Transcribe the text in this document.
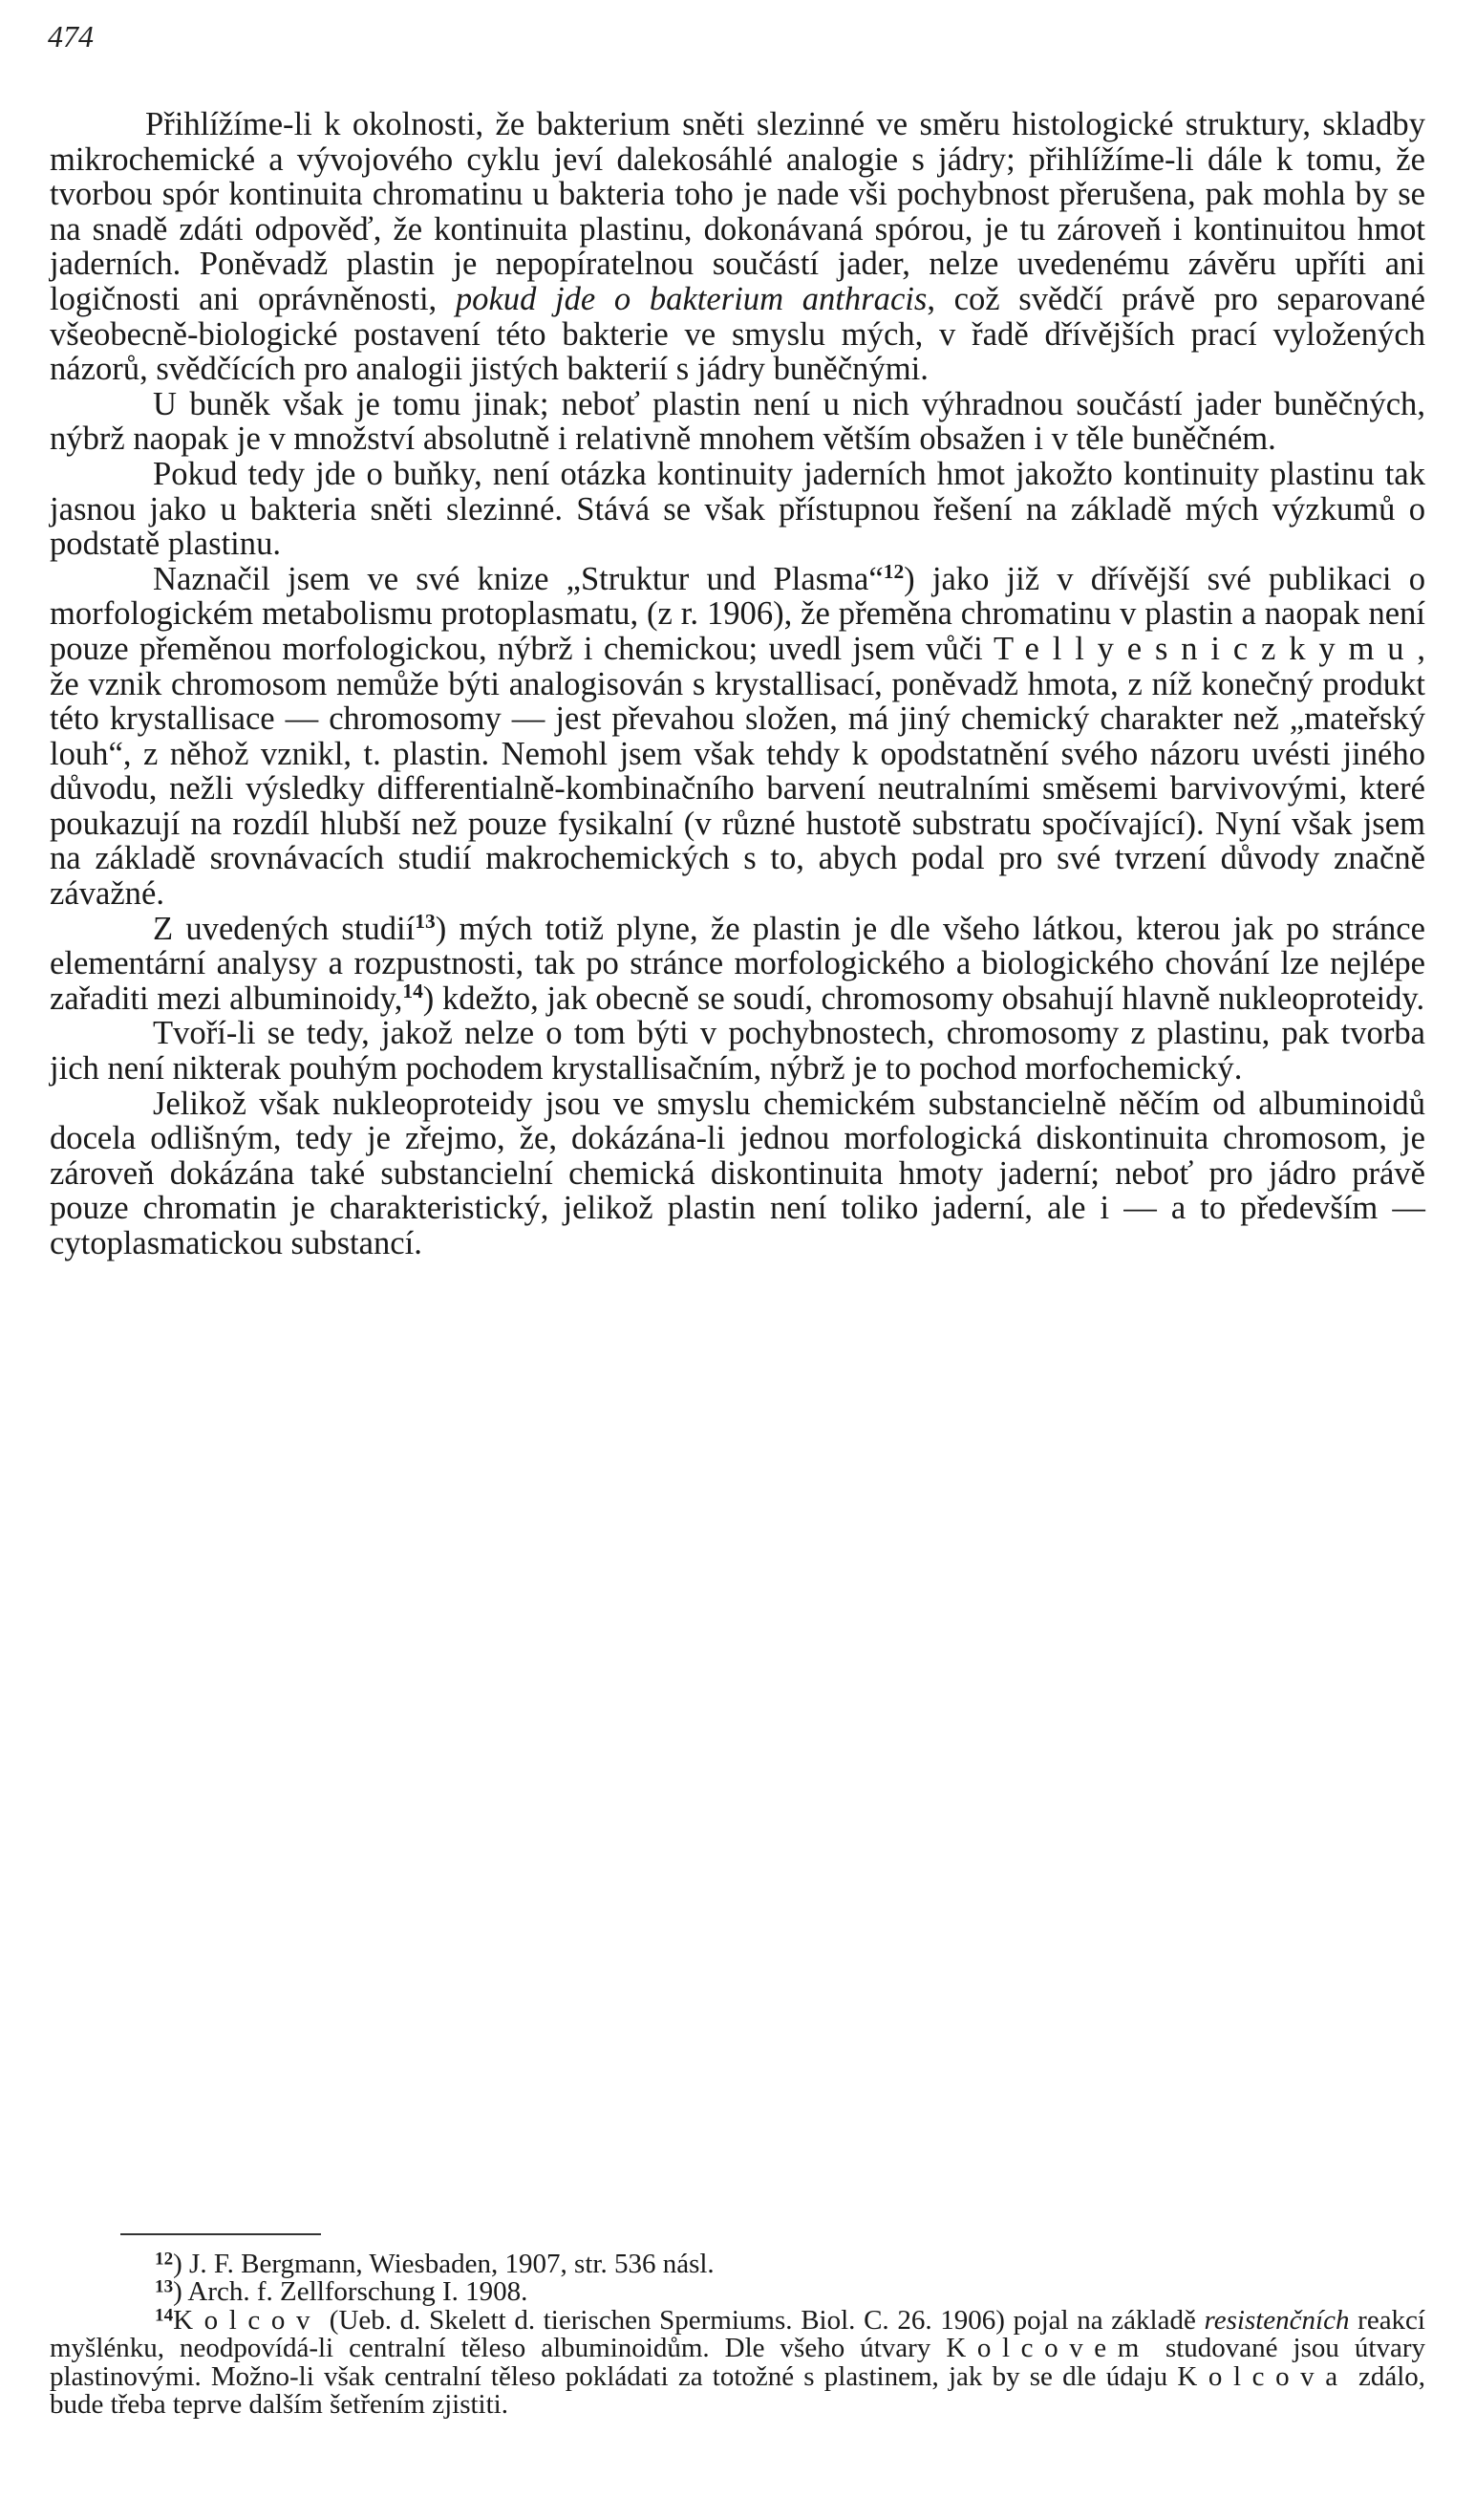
474

Přihlížíme-li k okolnosti, že bakterium sněti slezinné ve směru histologické struktury, skladby mikrochemické a vývojového cyklu jeví dalekosáhlé analogie s jádry; přihlížíme-li dále k tomu, že tvorbou spór kontinuita chromatinu u bakteria toho je nade vši pochybnost přerušena, pak mohla by se na snadě zdáti odpověď, že kontinuita plastinu, dokonávaná spórou, je tu zároveň i kontinuitou hmot jaderních. Poněvadž plastin je nepopíratelnou součástí jader, nelze uvedenému závěru upříti ani logičnosti ani oprávněnosti, pokud jde o bakterium anthracis, což svědčí právě pro separované všeobecně-biologické postavení této bakterie ve smyslu mých, v řadě dřívějších prací vyložených názorů, svědčících pro analogii jistých bakterií s jádry buněčnými.

U buněk však je tomu jinak; neboť plastin není u nich výhradnou součástí jader buněčných, nýbrž naopak je v množství absolutně i relativně mnohem větším obsažen i v těle buněčném.

Pokud tedy jde o buňky, není otázka kontinuity jaderních hmot jakožto kontinuity plastinu tak jasnou jako u bakteria sněti slezinné. Stává se však přístupnou řešení na základě mých výzkumů o podstatě plastinu.

Naznačil jsem ve své knize „Struktur und Plasma“$^{12}$) jako již v dřívější své publikaci o morfologickém metabolismu protoplasmatu, (z r. 1906), že přeměna chromatinu v plastin a naopak není pouze přeměnou morfologickou, nýbrž i chemickou; uvedl jsem vůči Tellyesniczkymu, že vznik chromosom nemůže býti analogisován s krystallisací, poněvadž hmota, z níž konečný produkt této krystallisace — chromosomy — jest převahou složen, má jiný chemický charakter než „mateřský louh“, z něhož vznikl, t. plastin. Nemohl jsem však tehdy k opodstatnění svého názoru uvésti jiného důvodu, nežli výsledky differentialně-kombinačního barvení neutralními směsemi barvivovými, které poukazují na rozdíl hlubší než pouze fysikalní (v různé hustotě substratu spočívající). Nyní však jsem na základě srovnávacích studií makrochemických s to, abych podal pro své tvrzení důvody značně závažné.

Z uvedených studií$^{13}$) mých totiž plyne, že plastin je dle všeho látkou, kterou jak po stránce elementární analysy a rozpustnosti, tak po stránce morfologického a biologického chování lze nejlépe zařaditi mezi albuminoidy,$^{14}$) kdežto, jak obecně se soudí, chromosomy obsahují hlavně nukleoproteidy.

Tvoří-li se tedy, jakož nelze o tom býti v pochybnostech, chromosomy z plastinu, pak tvorba jich není nikterak pouhým pochodem krystallisačním, nýbrž je to pochod morfochemický.

Jelikož však nukleoproteidy jsou ve smyslu chemickém substancielně něčím od albuminoidů docela odlišným, tedy je zřejmo, že, dokázána-li jednou morfologická diskontinuita chromosom, je zároveň dokázána také substancielní chemická diskontinuita hmoty jaderní; neboť pro jádro právě pouze chromatin je charakteristický, jelikož plastin není toliko jaderní, ale i — a to především — cytoplasmatickou substancí.

$^{12}$) J. F. Bergmann, Wiesbaden, 1907, str. 536 násl.

$^{13}$) Arch. f. Zellforschung I. 1908.

$^{14}$Kolcov (Ueb. d. Skelett d. tierischen Spermiums. Biol. C. 26. 1906) pojal na základě resistenčních reakcí myšlénku, neodpovídá-li centralní těleso albuminoidům. Dle všeho útvary Kolcovem studované jsou útvary plastinovými. Možno-li však centralní těleso pokládati za totožné s plastinem, jak by se dle údaju Kolcova zdálo, bude třeba teprve dalším šetřením zjistiti.
